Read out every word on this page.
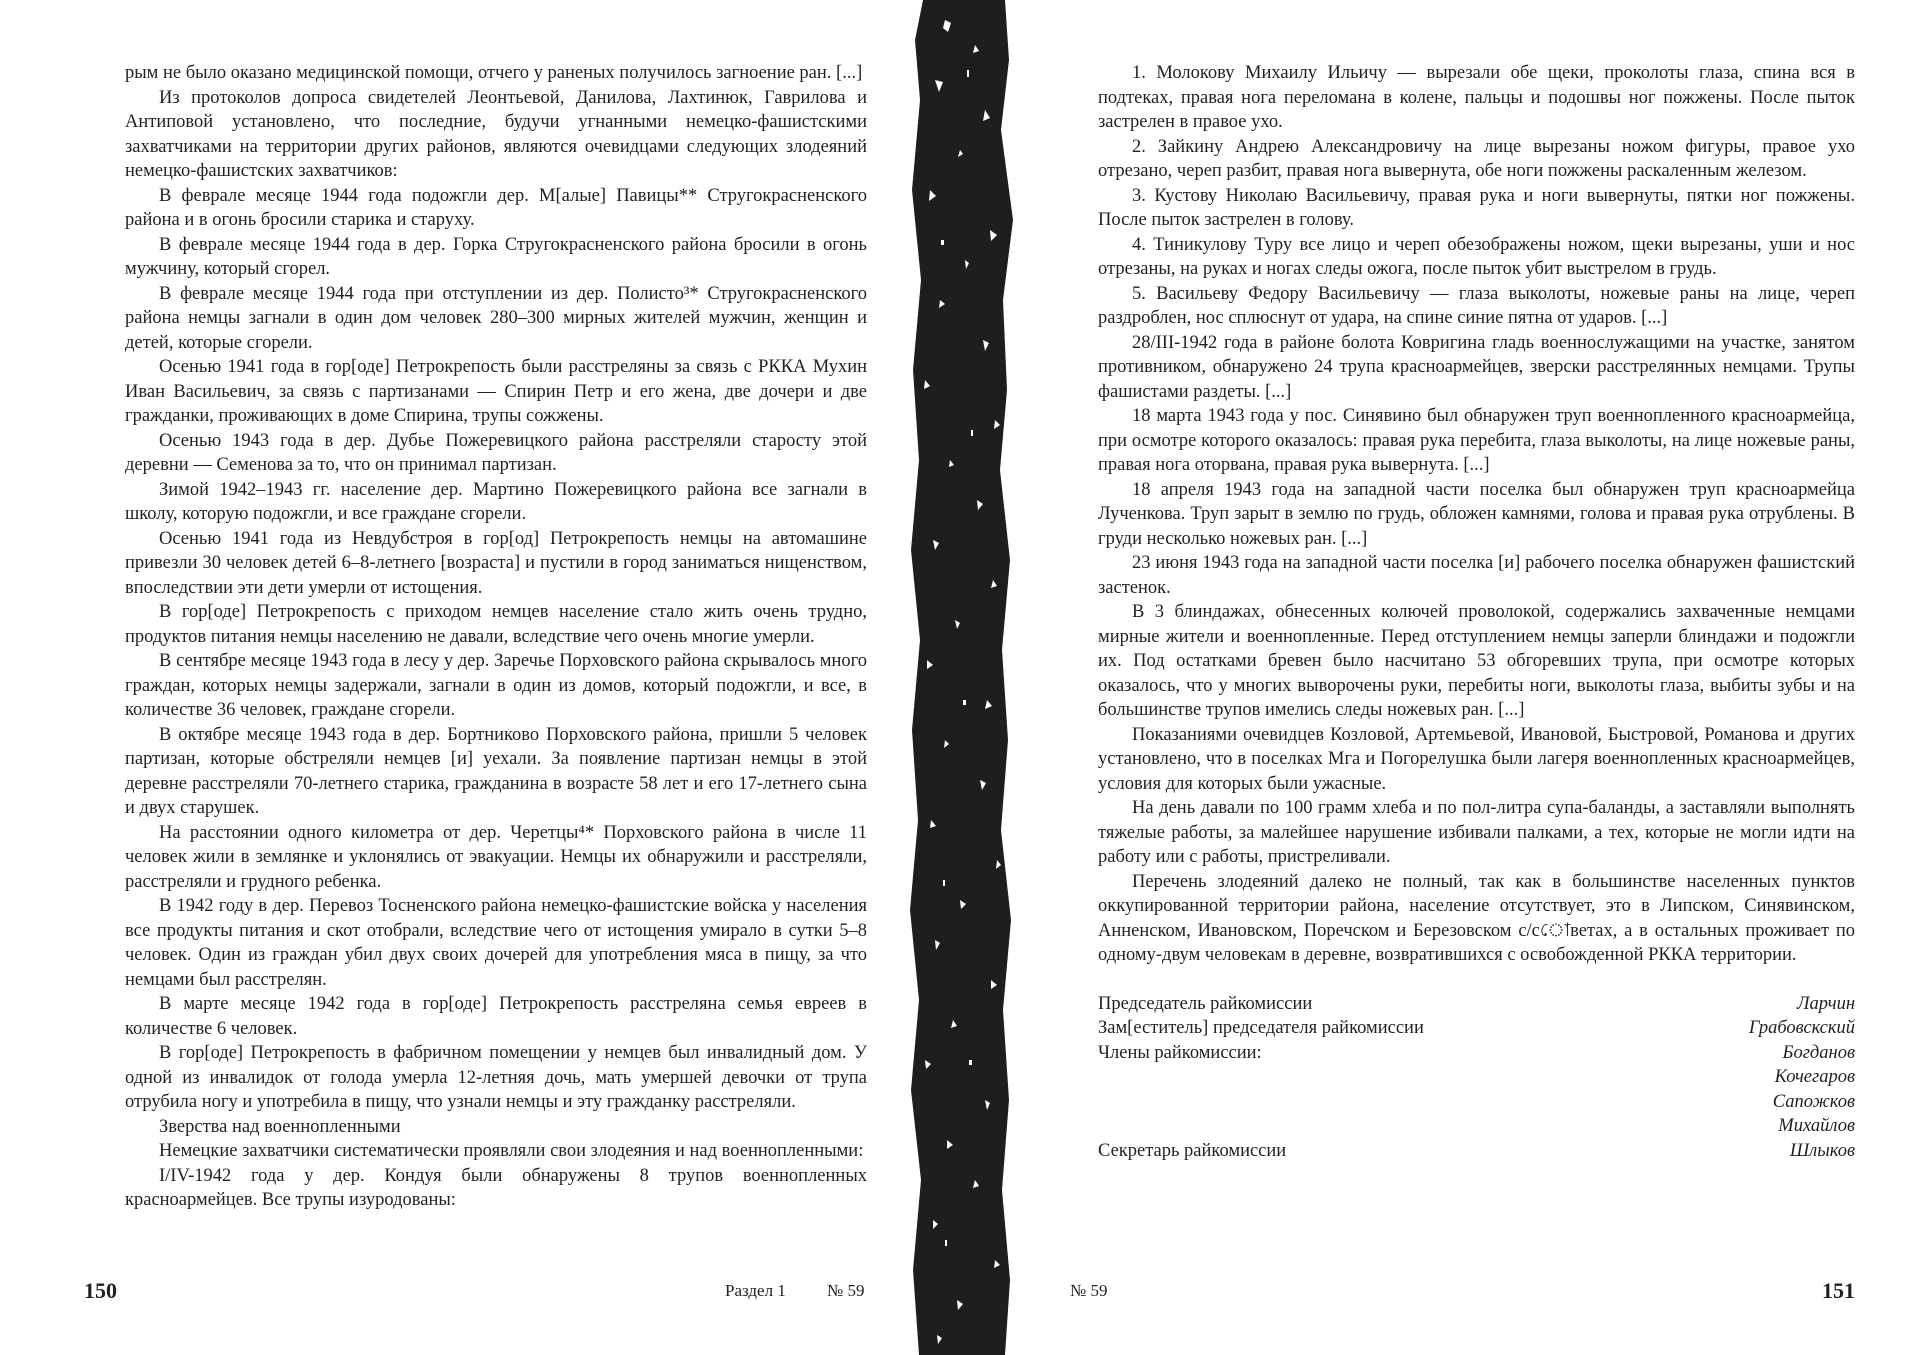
рым не было оказано медицинской помощи, отчего у раненых получилось загноение ран. [...]

Из протоколов допроса свидетелей Леонтьевой, Данилова, Лахтинюк, Гаврилова и Антиповой установлено, что последние, будучи угнанными немецко-фашистскими захватчиками на территории других районов, являются очевидцами следующих злодеяний немецко-фашистских захватчиков:

В феврале месяце 1944 года подожгли дер. М[алые] Павицы** Стругокрасненского района и в огонь бросили старика и старуху.

В феврале месяце 1944 года в дер. Горка Стругокрасненского района бросили в огонь мужчину, который сгорел.

В феврале месяце 1944 года при отступлении из дер. Полисто³* Стругокрасненского района немцы загнали в один дом человек 280–300 мирных жителей мужчин, женщин и детей, которые сгорели.

Осенью 1941 года в гор[оде] Петрокрепость были расстреляны за связь с РККА Мухин Иван Васильевич, за связь с партизанами — Спирин Петр и его жена, две дочери и две гражданки, проживающих в доме Спирина, трупы сожжены.

Осенью 1943 года в дер. Дубье Пожеревицкого района расстреляли старосту этой деревни — Семенова за то, что он принимал партизан.

Зимой 1942–1943 гг. население дер. Мартино Пожеревицкого района все загнали в школу, которую подожгли, и все граждане сгорели.

Осенью 1941 года из Невдубстроя в гор[од] Петрокрепость немцы на автомашине привезли 30 человек детей 6–8-летнего [возраста] и пустили в город заниматься нищенством, впоследствии эти дети умерли от истощения.

В гор[оде] Петрокрепость с приходом немцев население стало жить очень трудно, продуктов питания немцы населению не давали, вследствие чего очень многие умерли.

В сентябре месяце 1943 года в лесу у дер. Заречье Порховского района скрывалось много граждан, которых немцы задержали, загнали в один из домов, который подожгли, и все, в количестве 36 человек, граждане сгорели.

В октябре месяце 1943 года в дер. Бортниково Порховского района, пришли 5 человек партизан, которые обстреляли немцев [и] уехали. За появление партизан немцы в этой деревне расстреляли 70-летнего старика, гражданина в возрасте 58 лет и его 17-летнего сына и двух старушек.

На расстоянии одного километра от дер. Черетцы⁴* Порховского района в числе 11 человек жили в землянке и уклонялись от эвакуации. Немцы их обнаружили и расстреляли, расстреляли и грудного ребенка.

В 1942 году в дер. Перевоз Тосненского района немецко-фашистские войска у населения все продукты питания и скот отобрали, вследствие чего от истощения умирало в сутки 5–8 человек. Один из граждан убил двух своих дочерей для употребления мяса в пищу, за что немцами был расстрелян.

В марте месяце 1942 года в гор[оде] Петрокрепость расстреляна семья евреев в количестве 6 человек.

В гор[оде] Петрокрепость в фабричном помещении у немцев был инвалидный дом. У одной из инвалидок от голода умерла 12-летняя дочь, мать умершей девочки от трупа отрубила ногу и употребила в пищу, что узнали немцы и эту гражданку расстреляли.

Зверства над военнопленными

Немецкие захватчики систематически проявляли свои злодеяния и над военнопленными:

I/IV-1942 года у дер. Кондуя были обнаружены 8 трупов военнопленных красноармейцев. Все трупы изуродованы:

150	Раздел 1 № 59

1. Молокову Михаилу Ильичу — вырезали обе щеки, проколоты глаза, спина вся в подтеках, правая нога переломана в колене, пальцы и подошвы ног пожжены. После пыток застрелен в правое ухо.

2. Зайкину Андрею Александровичу на лице вырезаны ножом фигуры, правое ухо отрезано, череп разбит, правая нога вывернута, обе ноги пожжены раскаленным железом.

3. Кустову Николаю Васильевичу, правая рука и ноги вывернуты, пятки ног пожжены. После пыток застрелен в голову.

4. Тиникулову Туру все лицо и череп обезображены ножом, щеки вырезаны, уши и нос отрезаны, на руках и ногах следы ожога, после пыток убит выстрелом в грудь.

5. Васильеву Федору Васильевичу — глаза выколоты, ножевые раны на лице, череп раздроблен, нос сплюснут от удара, на спине синие пятна от ударов. [...]

28/III-1942 года в районе болота Ковригина гладь военнослужащими на участке, занятом противником, обнаружено 24 трупа красноармейцев, зверски расстрелянных немцами. Трупы фашистами раздеты. [...]

18 марта 1943 года у пос. Синявино был обнаружен труп военнопленного красноармейца, при осмотре которого оказалось: правая рука перебита, глаза выколоты, на лице ножевые раны, правая нога оторвана, правая рука вывернута. [...]

18 апреля 1943 года на западной части поселка был обнаружен труп красноармейца Лученкова. Труп зарыт в землю по грудь, обложен камнями, голова и правая рука отрублены. В груди несколько ножевых ран. [...]

23 июня 1943 года на западной части поселка [и] рабочего поселка обнаружен фашистский застенок.

В 3 блиндажах, обнесенных колючей проволокой, содержались захваченные немцами мирные жители и военнопленные. Перед отступлением немцы заперли блиндажи и подожгли их. Под остатками бревен было насчитано 53 обгоревших трупа, при осмотре которых оказалось, что у многих выворочены руки, перебиты ноги, выколоты глаза, выбиты зубы и на большинстве трупов имелись следы ножевых ран. [...]

Показаниями очевидцев Козловой, Артемьевой, Ивановой, Быстровой, Романова и других установлено, что в поселках Мга и Погорелушка были лагеря военнопленных красноармейцев, условия для которых были ужасные.

На день давали по 100 грамм хлеба и по пол-литра супа-баланды, а заставляли выполнять тяжелые работы, за малейшее нарушение избивали палками, а тех, которые не могли идти на работу или с работы, пристреливали.

Перечень злодеяний далеко не полный, так как в большинстве населенных пунктов оккупированной территории района, население отсутствует, это в Липском, Синявинском, Анненском, Ивановском, Поречском и Березовском с/сোветах, а в остальных проживает по одному-двум человекам в деревне, возвратившихся с освобожденной РККА территории.

Председатель райкомиссии	Ларчин
Зам[еститель] председателя райкомиссии	Грабовскский
Члены райкомиссии:	Богданов
Кочегаров
Сапожков
Михайлов
Секретарь райкомиссии	Шлыков
№ 59	151
